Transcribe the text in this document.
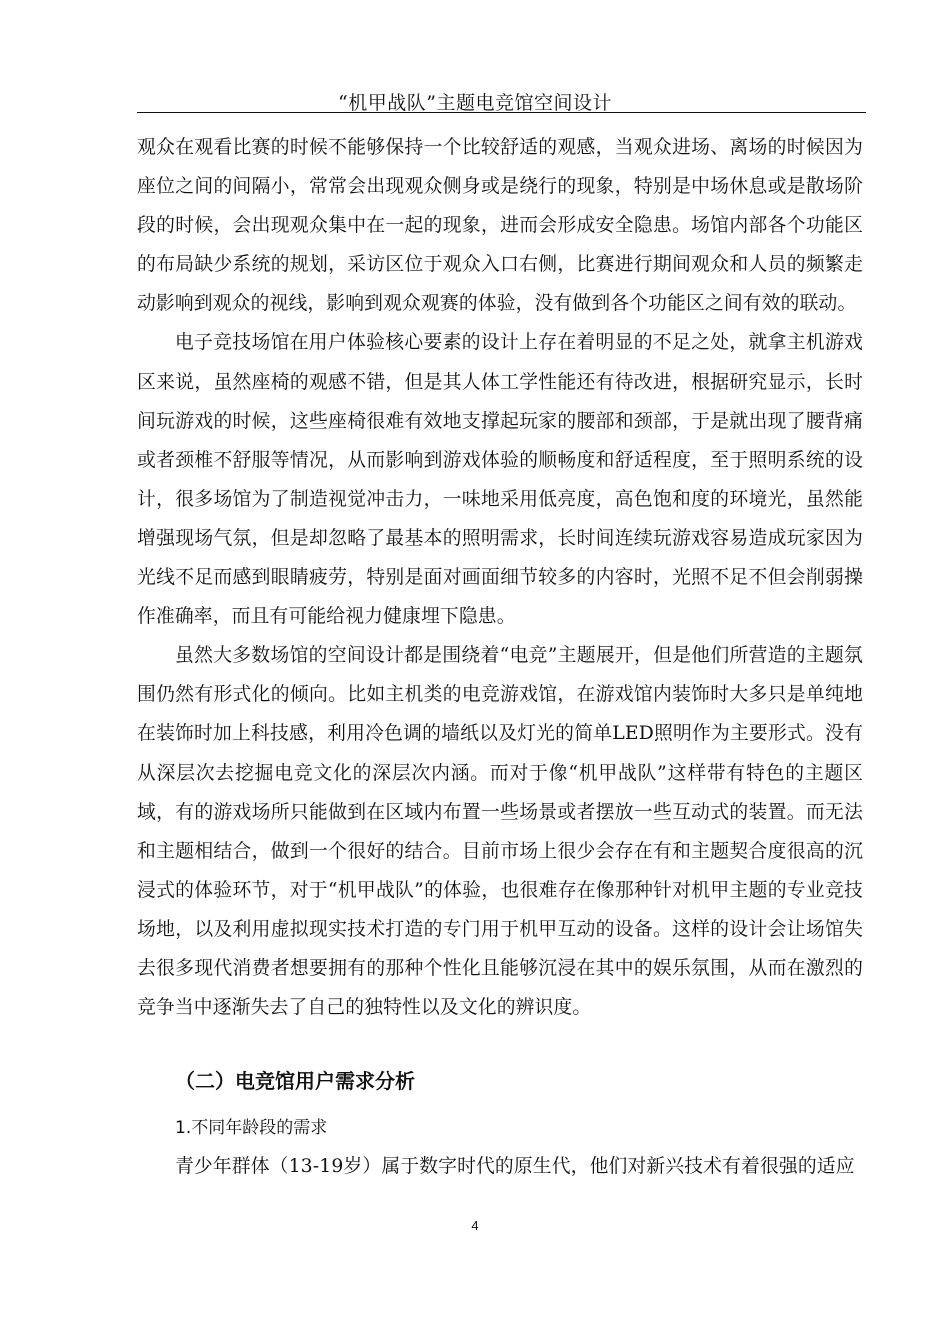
“机甲战队”主题电竞馆空间设计

观众在观看比赛的时候不能够保持一个比较舒适的观感，当观众进场、离场的时候因为座位之间的间隔小，常常会出现观众侧身或是绕行的现象，特别是中场休息或是散场阶段的时候，会出现观众集中在一起的现象，进而会形成安全隐患。场馆内部各个功能区的布局缺少系统的规划，采访区位于观众入口右侧，比赛进行期间观众和人员的频繁走动影响到观众的视线，影响到观众观赛的体验，没有做到各个功能区之间有效的联动。

电子竞技场馆在用户体验核心要素的设计上存在着明显的不足之处，就拿主机游戏区来说，虽然座椅的观感不错，但是其人体工学性能还有待改进，根据研究显示，长时间玩游戏的时候，这些座椅很难有效地支撑起玩家的腰部和颈部，于是就出现了腰背痛或者颈椎不舒服等情况，从而影响到游戏体验的顺畅度和舒适程度，至于照明系统的设计，很多场馆为了制造视觉冲击力，一味地采用低亮度，高色饱和度的环境光，虽然能增强现场气氛，但是却忽略了最基本的照明需求，长时间连续玩游戏容易造成玩家因为光线不足而感到眼睛疲劳，特别是面对画面细节较多的内容时，光照不足不但会削弱操作准确率，而且有可能给视力健康埋下隐患。

虽然大多数场馆的空间设计都是围绕着“电竞”主题展开，但是他们所营造的主题氛围仍然有形式化的倾向。比如主机类的电竞游戏馆，在游戏馆内装饰时大多只是单纯地在装饰时加上科技感，利用冷色调的墙纸以及灯光的简单LED照明作为主要形式。没有从深层次去挖掘电竞文化的深层次内涵。而对于像“机甲战队”这样带有特色的主题区域，有的游戏场所只能做到在区域内布置一些场景或者摆放一些互动式的装置。而无法和主题相结合，做到一个很好的结合。目前市场上很少会存在有和主题契合度很高的沉浸式的体验环节，对于“机甲战队”的体验，也很难存在像那种针对机甲主题的专业竞技场地，以及利用虚拟现实技术打造的专门用于机甲互动的设备。这样的设计会让场馆失去很多现代消费者想要拥有的那种个性化且能够沉浸在其中的娱乐氛围，从而在激烈的竞争当中逐渐失去了自己的独特性以及文化的辨识度。

（二）电竞馆用户需求分析
1.不同年龄段的需求
青少年群体（13-19岁）属于数字时代的原生代，他们对新兴技术有着很强的适应
4
